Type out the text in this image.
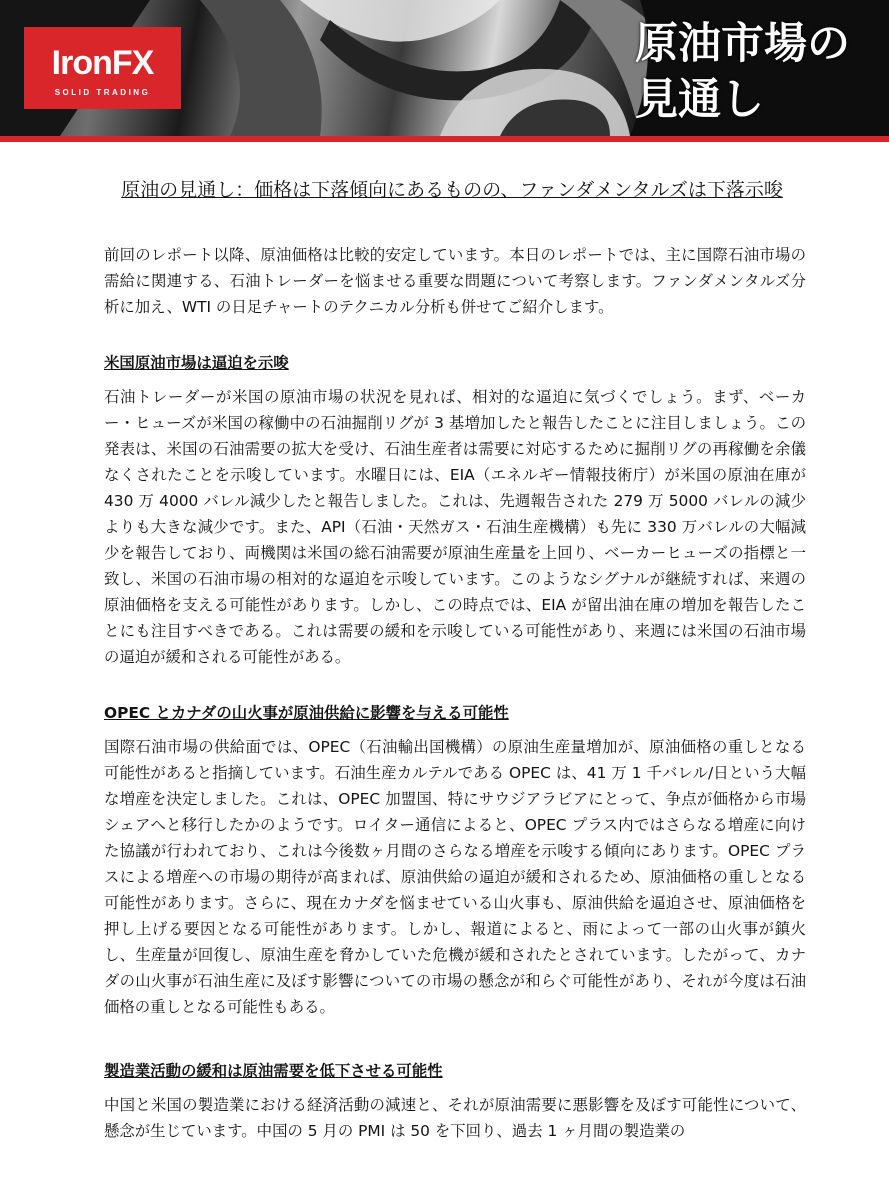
IronFX
SOLID TRADING
原油市場の
見通し
原油の見通し：価格は下落傾向にあるものの、ファンダメンタルズは下落示唆

前回のレポート以降、原油価格は比較的安定しています。本日のレポートでは、主に国際石油市場の需給に関連する、石油トレーダーを悩ませる重要な問題について考察します。ファンダメンタルズ分析に加え、WTI の日足チャートのテクニカル分析も併せてご紹介します。

米国原油市場は逼迫を示唆

石油トレーダーが米国の原油市場の状況を見れば、相対的な逼迫に気づくでしょう。まず、ベーカー・ヒューズが米国の稼働中の石油掘削リグが 3 基増加したと報告したことに注目しましょう。この発表は、米国の石油需要の拡大を受け、石油生産者は需要に対応するために掘削リグの再稼働を余儀なくされたことを示唆しています。水曜日には、EIA（エネルギー情報技術庁）が米国の原油在庫が 430 万 4000 バレル減少したと報告しました。これは、先週報告された 279 万 5000 バレルの減少よりも大きな減少です。また、API（石油・天然ガス・石油生産機構）も先に 330 万バレルの大幅減少を報告しており、両機関は米国の総石油需要が原油生産量を上回り、ベーカーヒューズの指標と一致し、米国の石油市場の相対的な逼迫を示唆しています。このようなシグナルが継続すれば、来週の原油価格を支える可能性があります。しかし、この時点では、EIA が留出油在庫の増加を報告したことにも注目すべきである。これは需要の緩和を示唆している可能性があり、来週には米国の石油市場の逼迫が緩和される可能性がある。

OPEC とカナダの山火事が原油供給に影響を与える可能性

国際石油市場の供給面では、OPEC（石油輸出国機構）の原油生産量増加が、原油価格の重しとなる可能性があると指摘しています。石油生産カルテルである OPEC は、41 万 1 千バレル/日という大幅な増産を決定しました。これは、OPEC 加盟国、特にサウジアラビアにとって、争点が価格から市場シェアへと移行したかのようです。ロイター通信によると、OPEC プラス内ではさらなる増産に向けた協議が行われており、これは今後数ヶ月間のさらなる増産を示唆する傾向にあります。OPEC プラスによる増産への市場の期待が高まれば、原油供給の逼迫が緩和されるため、原油価格の重しとなる可能性があります。さらに、現在カナダを悩ませている山火事も、原油供給を逼迫させ、原油価格を押し上げる要因となる可能性があります。しかし、報道によると、雨によって一部の山火事が鎮火し、生産量が回復し、原油生産を脅かしていた危機が緩和されたとされています。したがって、カナダの山火事が石油生産に及ぼす影響についての市場の懸念が和らぐ可能性があり、それが今度は石油価格の重しとなる可能性もある。

製造業活動の緩和は原油需要を低下させる可能性

中国と米国の製造業における経済活動の減速と、それが原油需要に悪影響を及ぼす可能性について、懸念が生じています。中国の 5 月の PMI は 50 を下回り、過去 1 ヶ月間の製造業の
